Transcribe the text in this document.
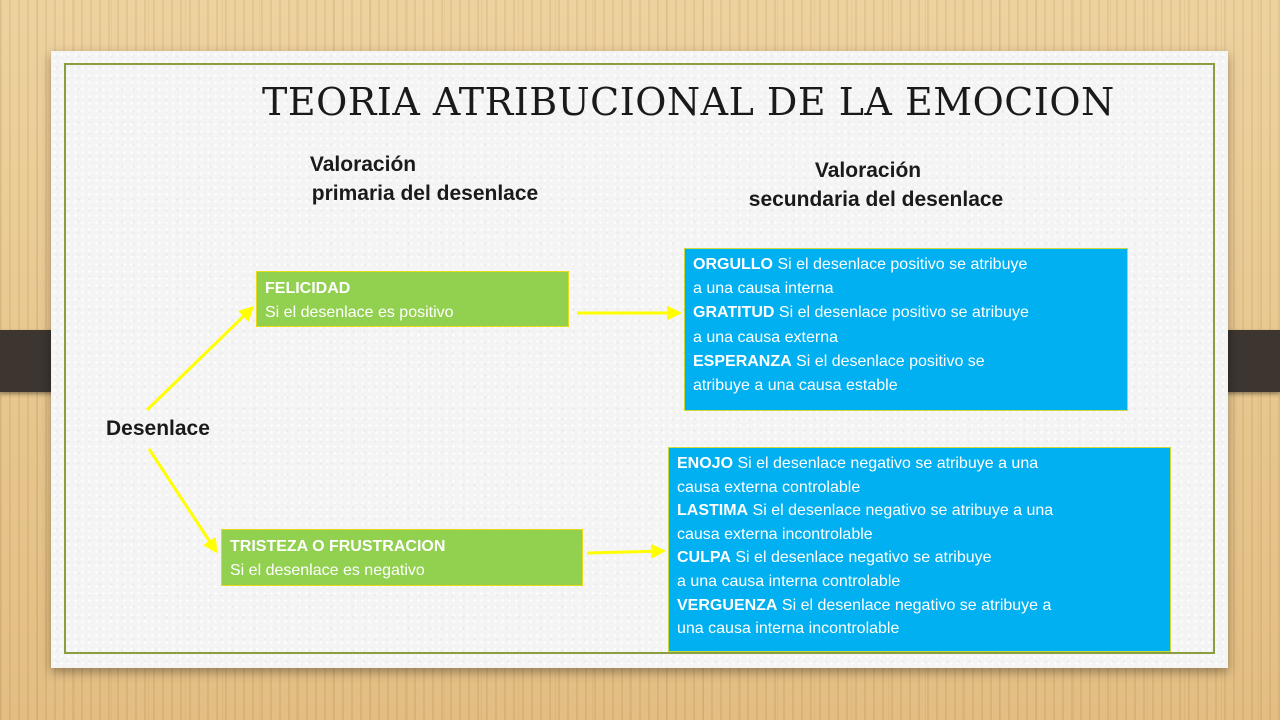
TEORIA ATRIBUCIONAL DE LA EMOCION
Valoración
primaria del desenlace
Valoración
secundaria del desenlace
Desenlace
FELICIDAD
Si el desenlace es positivo
TRISTEZA O FRUSTRACION
Si el desenlace es negativo
ORGULLO Si el desenlace positivo se atribuye
a una causa interna
GRATITUD Si el desenlace positivo se atribuye
a una causa externa
ESPERANZA Si el desenlace positivo se
atribuye a una causa estable
ENOJO Si el desenlace negativo se atribuye a una
causa externa controlable
LASTIMA Si el desenlace negativo se atribuye a una
causa externa incontrolable
CULPA Si el desenlace negativo se atribuye
a una causa interna controlable
VERGUENZA Si el desenlace negativo se atribuye a
una causa interna incontrolable
